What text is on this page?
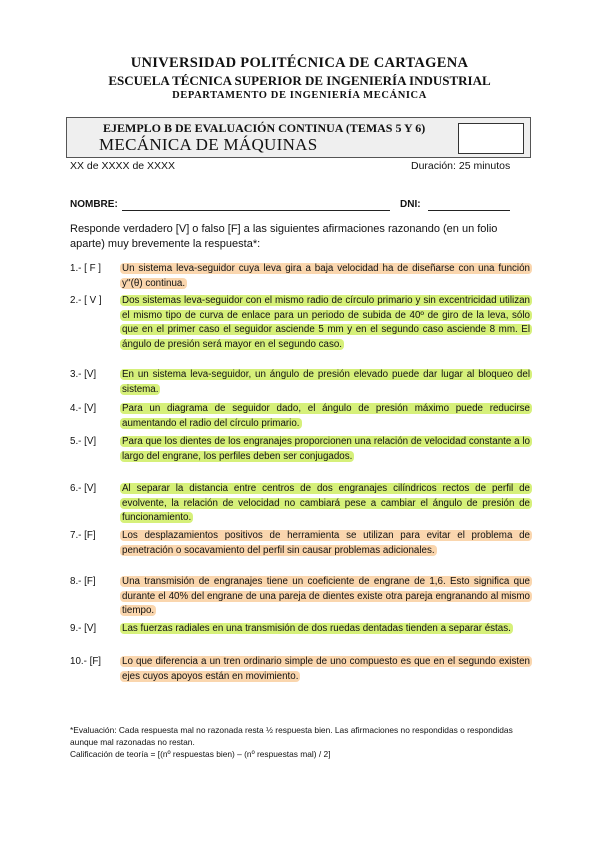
UNIVERSIDAD POLITÉCNICA DE CARTAGENA
ESCUELA TÉCNICA SUPERIOR DE INGENIERÍA INDUSTRIAL
DEPARTAMENTO DE INGENIERÍA MECÁNICA
EJEMPLO B DE EVALUACIÓN CONTINUA (TEMAS 5 Y 6)
MECÁNICA DE MÁQUINAS
XX de XXXX de XXXX	Duración: 25 minutos
NOMBRE:	DNI:
Responde verdadero [V] o falso [F] a las siguientes afirmaciones razonando (en un folio aparte) muy brevemente la respuesta*:
1.- [ F ] Un sistema leva-seguidor cuya leva gira a baja velocidad ha de diseñarse con una función y''(θ) continua.
2.- [ V ] Dos sistemas leva-seguidor con el mismo radio de círculo primario y sin excentricidad utilizan el mismo tipo de curva de enlace para un periodo de subida de 40º de giro de la leva, sólo que en el primer caso el seguidor asciende 5 mm y en el segundo caso asciende 8 mm. El ángulo de presión será mayor en el segundo caso.
3.- [V]	En un sistema leva-seguidor, un ángulo de presión elevado puede dar lugar al bloqueo del sistema.
4.- [V]	Para un diagrama de seguidor dado, el ángulo de presión máximo puede reducirse aumentando el radio del círculo primario.
5.- [V]	Para que los dientes de los engranajes proporcionen una relación de velocidad constante a lo largo del engrane, los perfiles deben ser conjugados.
6.- [V]	Al separar la distancia entre centros de dos engranajes cilíndricos rectos de perfil de evolvente, la relación de velocidad no cambiará pese a cambiar el ángulo de presión de funcionamiento.
7.- [F]	Los desplazamientos positivos de herramienta se utilizan para evitar el problema de penetración o socavamiento del perfil sin causar problemas adicionales.
8.- [F]	Una transmisión de engranajes tiene un coeficiente de engrane de 1,6. Esto significa que durante el 40% del engrane de una pareja de dientes existe otra pareja engranando al mismo tiempo.
9.- [V]	Las fuerzas radiales en una transmisión de dos ruedas dentadas tienden a separar éstas.
10.- [F] Lo que diferencia a un tren ordinario simple de uno compuesto es que en el segundo existen ejes cuyos apoyos están en movimiento.
*Evaluación: Cada respuesta mal no razonada resta ½ respuesta bien. Las afirmaciones no respondidas o respondidas aunque mal razonadas no restan.
Calificación de teoría = [(nº respuestas bien) – (nº respuestas mal) / 2]
